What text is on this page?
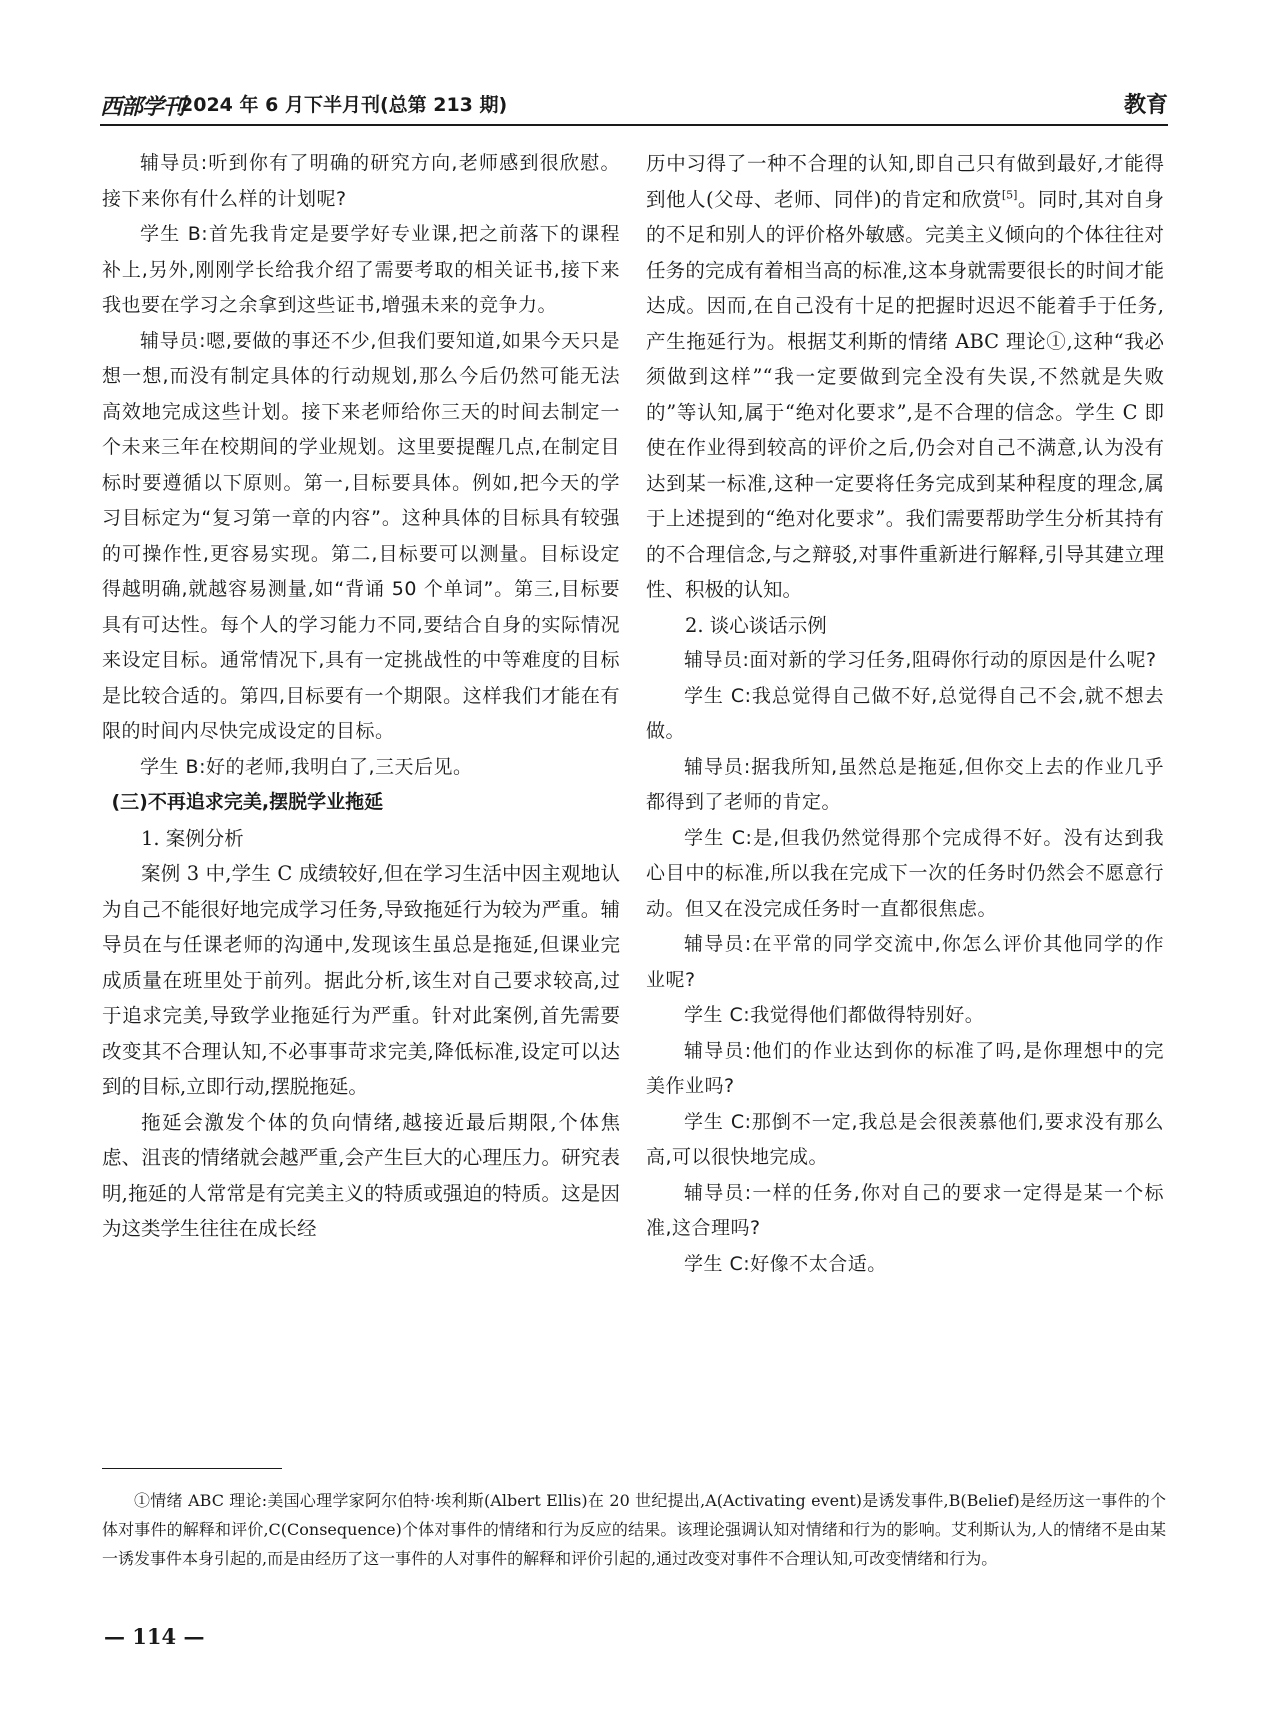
西部学刊
2024 年 6 月下半月刊(总第 213 期)	教育

辅导员:听到你有了明确的研究方向,老师感到很欣慰。接下来你有什么样的计划呢?

学生 B:首先我肯定是要学好专业课,把之前落下的课程补上,另外,刚刚学长给我介绍了需要考取的相关证书,接下来我也要在学习之余拿到这些证书,增强未来的竞争力。

辅导员:嗯,要做的事还不少,但我们要知道,如果今天只是想一想,而没有制定具体的行动规划,那么今后仍然可能无法高效地完成这些计划。接下来老师给你三天的时间去制定一个未来三年在校期间的学业规划。这里要提醒几点,在制定目标时要遵循以下原则。第一,目标要具体。例如,把今天的学习目标定为“复习第一章的内容”。这种具体的目标具有较强的可操作性,更容易实现。第二,目标要可以测量。目标设定得越明确,就越容易测量,如“背诵 50 个单词”。第三,目标要具有可达性。每个人的学习能力不同,要结合自身的实际情况来设定目标。通常情况下,具有一定挑战性的中等难度的目标是比较合适的。第四,目标要有一个期限。这样我们才能在有限的时间内尽快完成设定的目标。

学生 B:好的老师,我明白了,三天后见。

(三)不再追求完美,摆脱学业拖延

1. 案例分析

案例 3 中,学生 C 成绩较好,但在学习生活中因主观地认为自己不能很好地完成学习任务,导致拖延行为较为严重。辅导员在与任课老师的沟通中,发现该生虽总是拖延,但课业完成质量在班里处于前列。据此分析,该生对自己要求较高,过于追求完美,导致学业拖延行为严重。针对此案例,首先需要改变其不合理认知,不必事事苛求完美,降低标准,设定可以达到的目标,立即行动,摆脱拖延。

拖延会激发个体的负向情绪,越接近最后期限,个体焦虑、沮丧的情绪就会越严重,会产生巨大的心理压力。研究表明,拖延的人常常是有完美主义的特质或强迫的特质。这是因为这类学生往往在成长经

历中习得了一种不合理的认知,即自己只有做到最好,才能得到他人(父母、老师、同伴)的肯定和欣赏[5]。同时,其对自身的不足和别人的评价格外敏感。完美主义倾向的个体往往对任务的完成有着相当高的标准,这本身就需要很长的时间才能达成。因而,在自己没有十足的把握时迟迟不能着手于任务,产生拖延行为。根据艾利斯的情绪 ABC 理论①,这种“我必须做到这样”“我一定要做到完全没有失误,不然就是失败的”等认知,属于“绝对化要求”,是不合理的信念。学生 C 即使在作业得到较高的评价之后,仍会对自己不满意,认为没有达到某一标准,这种一定要将任务完成到某种程度的理念,属于上述提到的“绝对化要求”。我们需要帮助学生分析其持有的不合理信念,与之辩驳,对事件重新进行解释,引导其建立理性、积极的认知。

2. 谈心谈话示例

辅导员:面对新的学习任务,阻碍你行动的原因是什么呢?

学生 C:我总觉得自己做不好,总觉得自己不会,就不想去做。

辅导员:据我所知,虽然总是拖延,但你交上去的作业几乎都得到了老师的肯定。

学生 C:是,但我仍然觉得那个完成得不好。没有达到我心目中的标准,所以我在完成下一次的任务时仍然会不愿意行动。但又在没完成任务时一直都很焦虑。

辅导员:在平常的同学交流中,你怎么评价其他同学的作业呢?

学生 C:我觉得他们都做得特别好。

辅导员:他们的作业达到你的标准了吗,是你理想中的完美作业吗?

学生 C:那倒不一定,我总是会很羡慕他们,要求没有那么高,可以很快地完成。

辅导员:一样的任务,你对自己的要求一定得是某一个标准,这合理吗?

学生 C:好像不太合适。

①情绪 ABC 理论:美国心理学家阿尔伯特·埃利斯(Albert Ellis)在 20 世纪提出,A(Activating event)是诱发事件,B(Belief)是经历这一事件的个体对事件的解释和评价,C(Consequence)个体对事件的情绪和行为反应的结果。该理论强调认知对情绪和行为的影响。艾利斯认为,人的情绪不是由某一诱发事件本身引起的,而是由经历了这一事件的人对事件的解释和评价引起的,通过改变对事件不合理认知,可改变情绪和行为。

— 114 —
